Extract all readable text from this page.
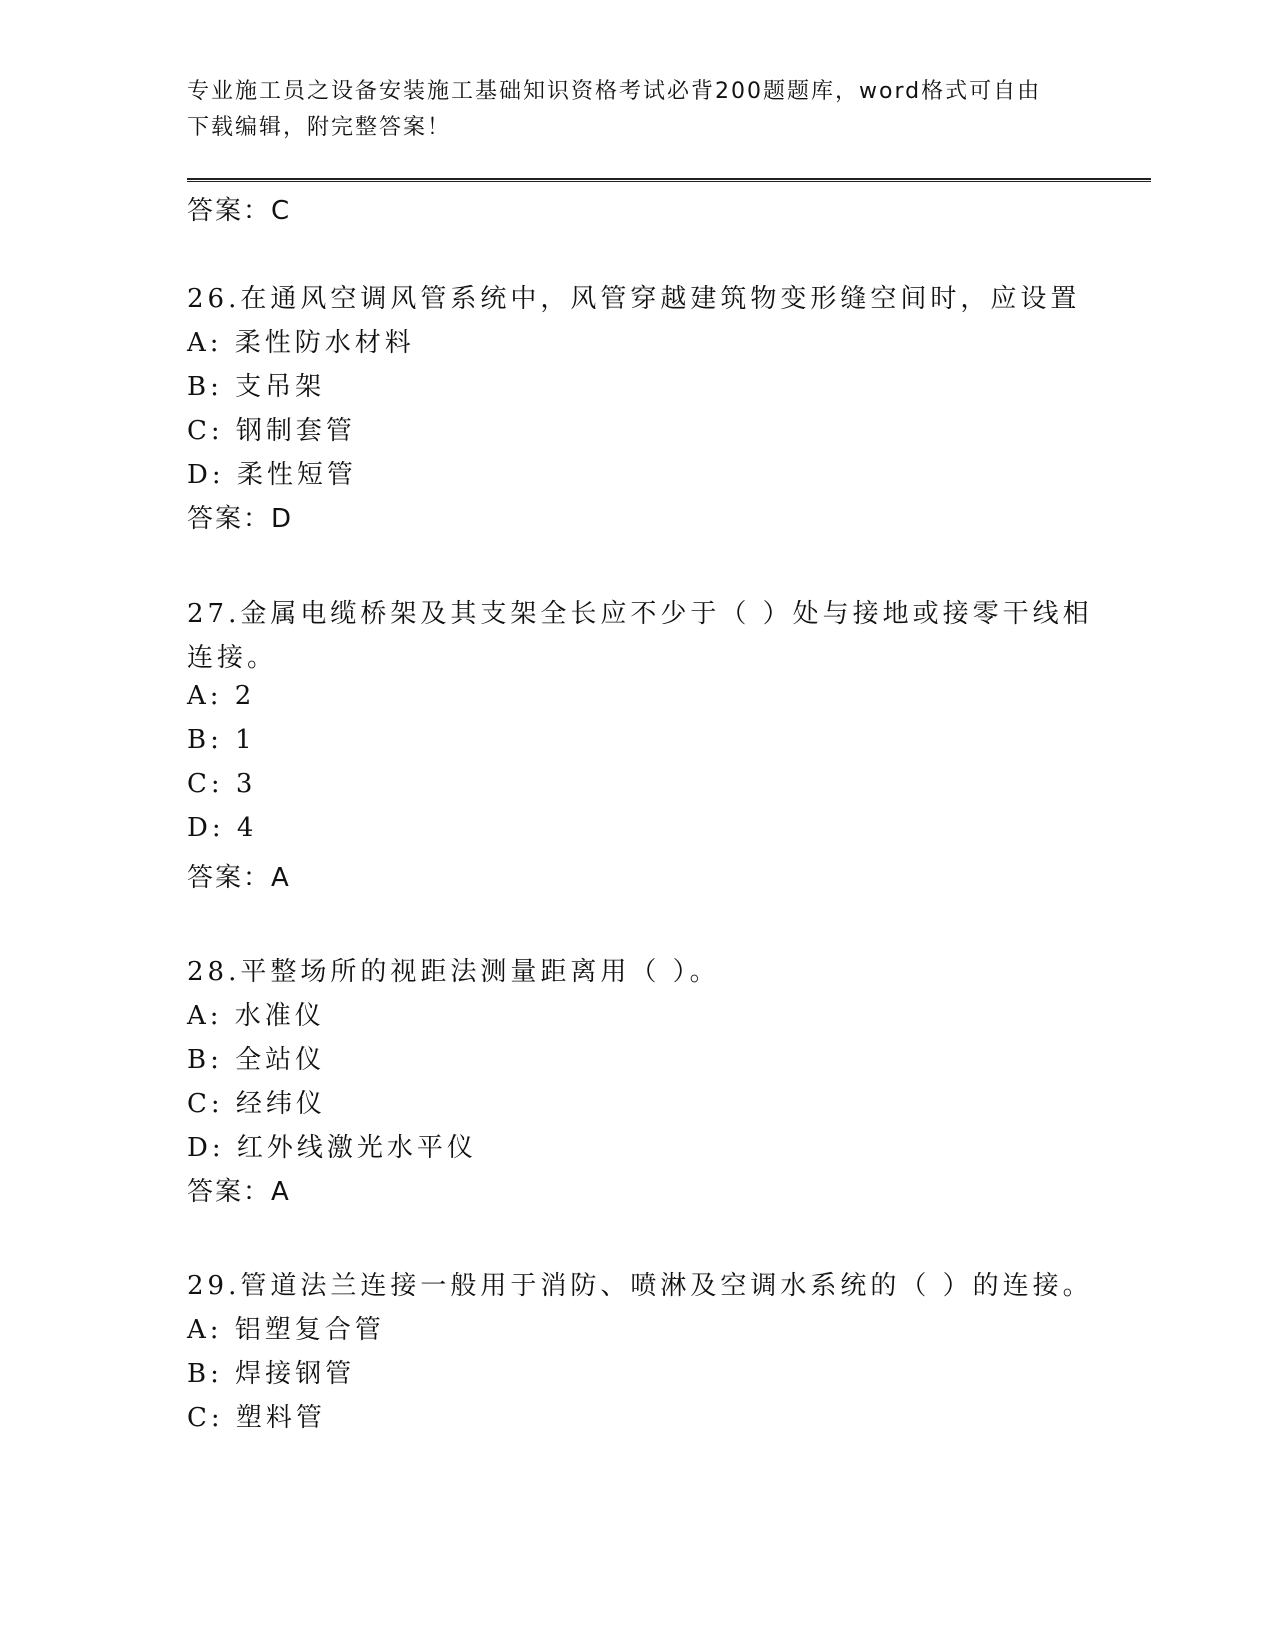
专业施工员之设备安装施工基础知识资格考试必背200题题库，word格式可自由
下载编辑，附完整答案！
答案：C
26.在通风空调风管系统中，风管穿越建筑物变形缝空间时，应设置
A: 柔性防水材料
B: 支吊架
C: 钢制套管
D: 柔性短管
答案：D
27.金属电缆桥架及其支架全长应不少于（ ）处与接地或接零干线相
连接。
A: 2
B: 1
C: 3
D: 4
答案：A
28.平整场所的视距法测量距离用（ ）。
A: 水准仪
B: 全站仪
C: 经纬仪
D: 红外线激光水平仪
答案：A
29.管道法兰连接一般用于消防、喷淋及空调水系统的（ ）的连接。
A: 铝塑复合管
B: 焊接钢管
C: 塑料管
